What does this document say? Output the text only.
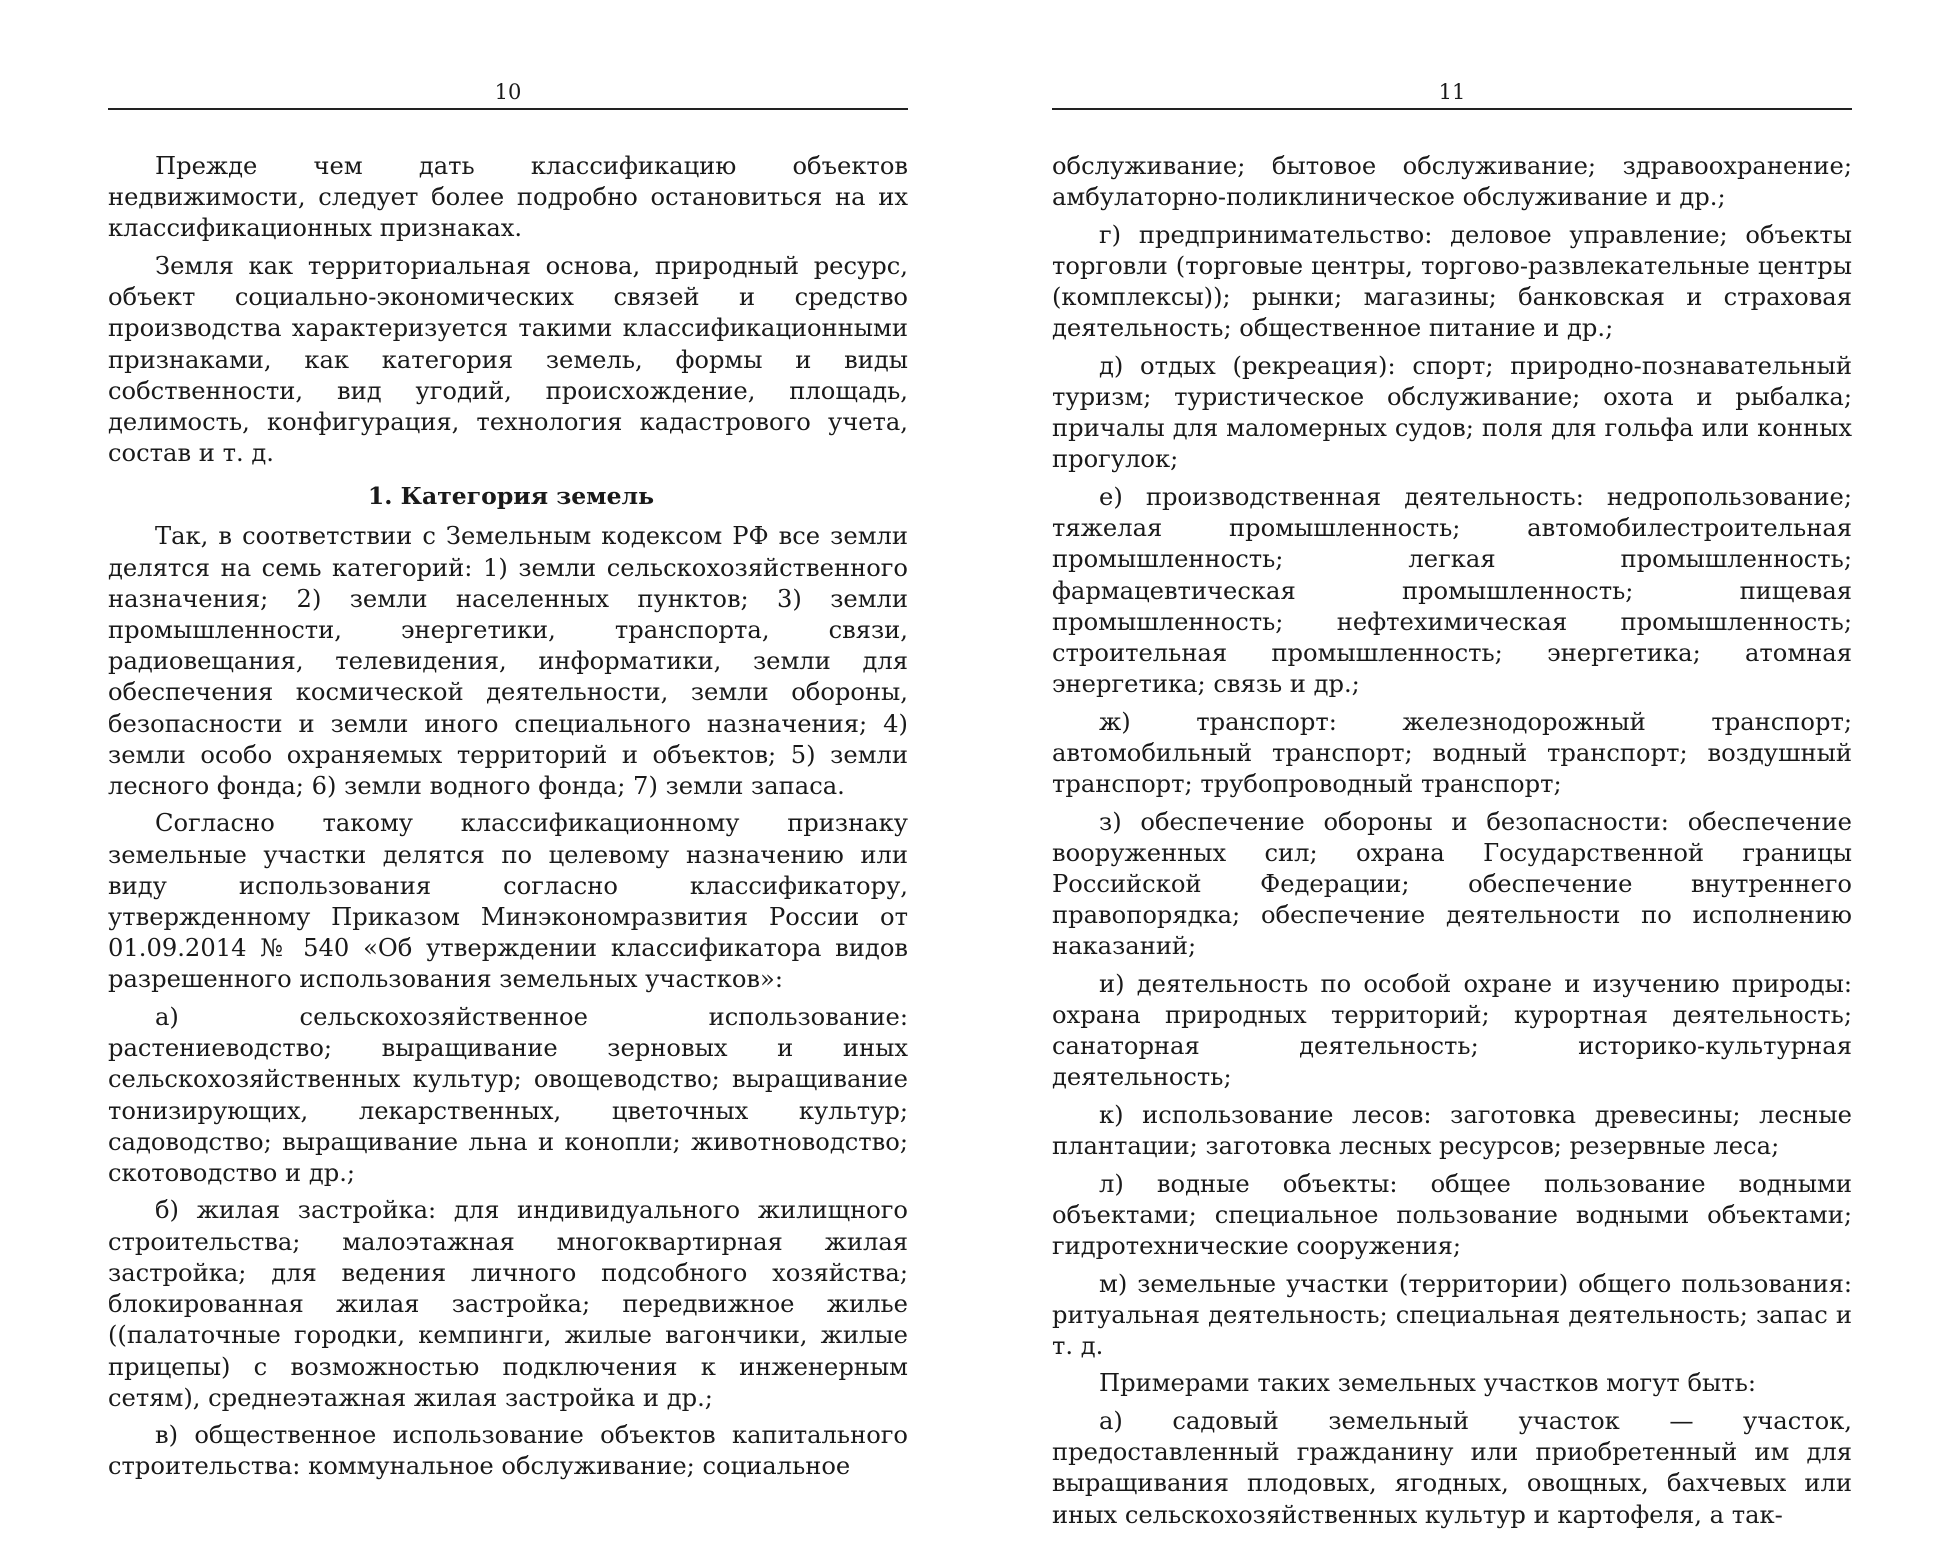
10

Прежде чем дать классификацию объектов недвижимости, следует более подробно остановиться на их классификационных признаках.

Земля как территориальная основа, природный ресурс, объект социально-экономических связей и средство производства характеризуется такими классификационными признаками, как категория земель, формы и виды собственности, вид угодий, происхождение, площадь, делимость, конфигурация, технология кадастрового учета, состав и т. д.

1. Категория земель

Так, в соответствии с Земельным кодексом РФ все земли делятся на семь категорий: 1) земли сельскохозяйственного назначения; 2) земли населенных пунктов; 3) земли промышленности, энергетики, транспорта, связи, радиовещания, телевидения, информатики, земли для обеспечения космической деятельности, земли обороны, безопасности и земли иного специального назначения; 4) земли особо охраняемых территорий и объектов; 5) земли лесного фонда; 6) земли водного фонда; 7) земли запаса.

Согласно такому классификационному признаку земельные участки делятся по целевому назначению или виду использования согласно классификатору, утвержденному Приказом Минэкономразвития России от 01.09.2014 № 540 «Об утверждении классификатора видов разрешенного использования земельных участков»:

а) сельскохозяйственное использование: растениеводство; выращивание зерновых и иных сельскохозяйственных культур; овощеводство; выращивание тонизирующих, лекарственных, цветочных культур; садоводство; выращивание льна и конопли; животноводство; скотоводство и др.;

б) жилая застройка: для индивидуального жилищного строительства; малоэтажная многоквартирная жилая застройка; для ведения личного подсобного хозяйства; блокированная жилая застройка; передвижное жилье ((палаточные городки, кемпинги, жилые вагончики, жилые прицепы) с возможностью подключения к инженерным сетям), среднеэтажная жилая застройка и др.;

в) общественное использование объектов капитального строительства: коммунальное обслуживание; социальное

11

обслуживание; бытовое обслуживание; здравоохранение; амбулаторно-поликлиническое обслуживание и др.;

г) предпринимательство: деловое управление; объекты торговли (торговые центры, торгово-развлекательные центры (комплексы)); рынки; магазины; банковская и страховая деятельность; общественное питание и др.;

д) отдых (рекреация): спорт; природно-познавательный туризм; туристическое обслуживание; охота и рыбалка; причалы для маломерных судов; поля для гольфа или конных прогулок;

е) производственная деятельность: недропользование; тяжелая промышленность; автомобилестроительная промышленность; легкая промышленность; фармацевтическая промышленность; пищевая промышленность; нефтехимическая промышленность; строительная промышленность; энергетика; атомная энергетика; связь и др.;

ж) транспорт: железнодорожный транспорт; автомобильный транспорт; водный транспорт; воздушный транспорт; трубопроводный транспорт;

з) обеспечение обороны и безопасности: обеспечение вооруженных сил; охрана Государственной границы Российской Федерации; обеспечение внутреннего правопорядка; обеспечение деятельности по исполнению наказаний;

и) деятельность по особой охране и изучению природы: охрана природных территорий; курортная деятельность; санаторная деятельность; историко-культурная деятельность;

к) использование лесов: заготовка древесины; лесные плантации; заготовка лесных ресурсов; резервные леса;

л) водные объекты: общее пользование водными объектами; специальное пользование водными объектами; гидротехнические сооружения;

м) земельные участки (территории) общего пользования: ритуальная деятельность; специальная деятельность; запас и т. д.

Примерами таких земельных участков могут быть:

а) садовый земельный участок — участок, предоставленный гражданину или приобретенный им для выращивания плодовых, ягодных, овощных, бахчевых или иных сельскохозяйственных культур и картофеля, а так-
